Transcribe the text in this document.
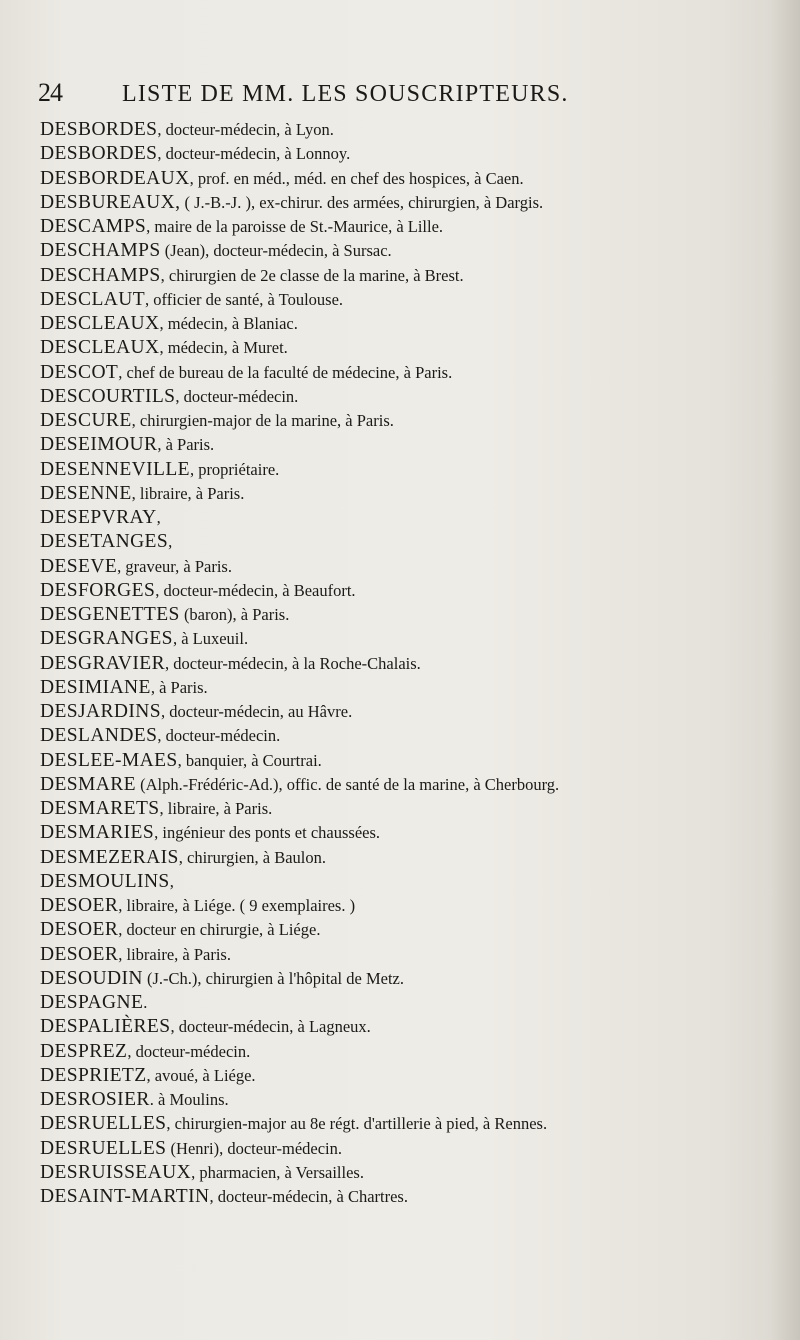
24	LISTE DE MM. LES SOUSCRIPTEURS.
DESBORDES, docteur-médecin, à Lyon.
DESBORDES, docteur-médecin, à Lonnoy.
DESBORDEAUX, prof. en méd., méd. en chef des hospices, à Caen.
DESBUREAUX, ( J.-B.-J. ), ex-chirur. des armées, chirurgien, à Dargis.
DESCAMPS, maire de la paroisse de St.-Maurice, à Lille.
DESCHAMPS (Jean), docteur-médecin, à Sursac.
DESCHAMPS, chirurgien de 2e classe de la marine, à Brest.
DESCLAUT, officier de santé, à Toulouse.
DESCLEAUX, médecin, à Blaniac.
DESCLEAUX, médecin, à Muret.
DESCOT, chef de bureau de la faculté de médecine, à Paris.
DESCOURTILS, docteur-médecin.
DESCURE, chirurgien-major de la marine, à Paris.
DESEIMOUR, à Paris.
DESENNEVILLE, propriétaire.
DESENNE, libraire, à Paris.
DESEPVRAY,
DESETANGES,
DESEVE, graveur, à Paris.
DESFORGES, docteur-médecin, à Beaufort.
DESGENETTES (baron), à Paris.
DESGRANGES, à Luxeuil.
DESGRAVIER, docteur-médecin, à la Roche-Chalais.
DESIMIANE, à Paris.
DESJARDINS, docteur-médecin, au Hâvre.
DESLANDES, docteur-médecin.
DESLEE-MAES, banquier, à Courtrai.
DESMARE (Alph.-Frédéric-Ad.), offic. de santé de la marine, à Cherbourg.
DESMARETS, libraire, à Paris.
DESMARIES, ingénieur des ponts et chaussées.
DESMEZERAIS, chirurgien, à Baulon.
DESMOULINS,
DESOER, libraire, à Liége. ( 9 exemplaires. )
DESOER, docteur en chirurgie, à Liége.
DESOER, libraire, à Paris.
DESOUDIN (J.-Ch.), chirurgien à l'hôpital de Metz.
DESPAGNE.
DESPALIÈRES, docteur-médecin, à Lagneux.
DESPREZ, docteur-médecin.
DESPRIETZ, avoué, à Liége.
DESROSIER. à Moulins.
DESRUELLES, chirurgien-major au 8e régt. d'artillerie à pied, à Rennes.
DESRUELLES (Henri), docteur-médecin.
DESRUISSEAUX, pharmacien, à Versailles.
DESAINT-MARTIN, docteur-médecin, à Chartres.
